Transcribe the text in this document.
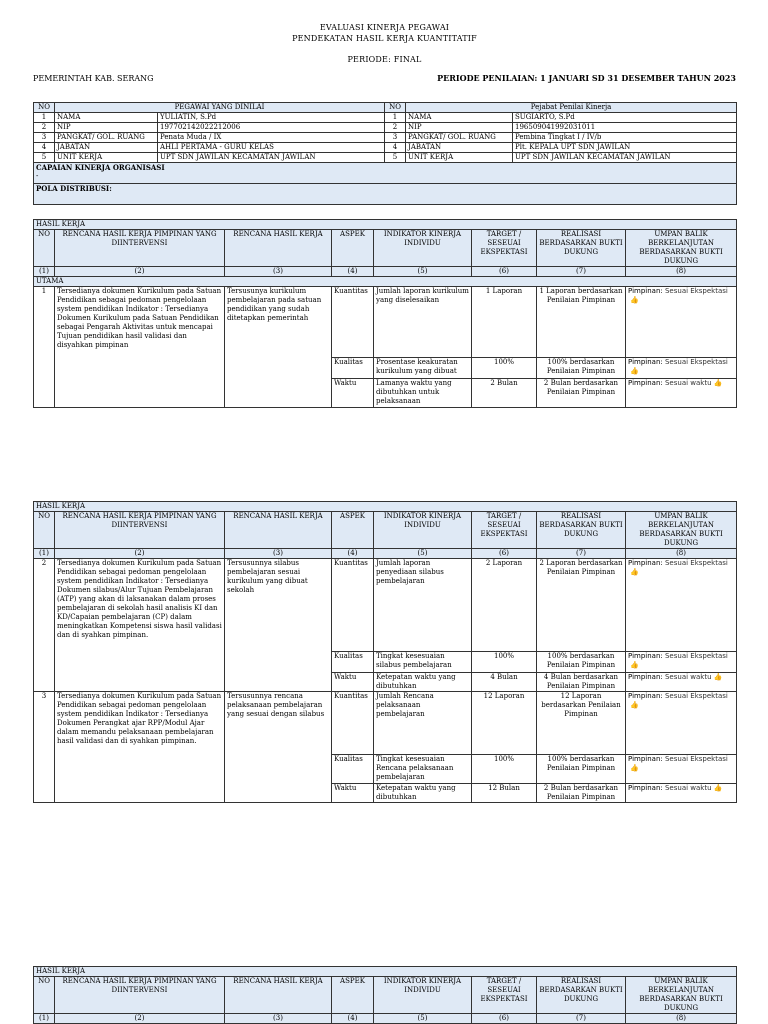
EVALUASI KINERJA PEGAWAI
PENDEKATAN HASIL KERJA KUANTITATIF
PERIODE: FINAL
PEMERINTAH KAB. SERANG	PERIODE PENILAIAN: 1 JANUARI SD 31 DESEMBER TAHUN 2023
NO	PEGAWAI YANG DINILAI		NO	Pejabat Penilai Kinerja	
1	NAMA	YULIATIN, S.Pd	1	NAMA	SUGIARTO, S.Pd
2	NIP	197702142022212006	2	NIP	196509041992031011
3	PANGKAT/ GOL. RUANG	Penata Muda / IX	3	PANGKAT/ GOL. RUANG	Pembina Tingkat I / IV/b
4	JABATAN	AHLI PERTAMA - GURU KELAS	4	JABATAN	Plt. KEPALA UPT SDN JAWILAN
5	UNIT KERJA	UPT SDN JAWILAN KECAMATAN JAWILAN	5	UNIT KERJA	UPT SDN JAWILAN KECAMATAN JAWILAN

CAPAIAN KINERJA ORGANISASI
-					

POLA DISTRIBUSI:					
HASIL KERJA							
NO	RENCANA HASIL KERJA PIMPINAN YANG DIINTERVENSI	RENCANA HASIL KERJA	ASPEK	INDIKATOR KINERJA INDIVIDU	TARGET / SESEUAI EKSPEKTASI	REALISASI BERDASARKAN BUKTI DUKUNG	UMPAN BALIK BERKELANJUTAN BERDASARKAN BUKTI DUKUNG
(1)	(2)	(3)	(4)	(5)	(6)	(7)	(8)
UTAMA							
1	Tersedianya dokumen Kurikulum pada Satuan Pendidikan sebagai pedoman pengelolaan system pendidikan Indikator : Tersedianya Dokumen Kurikulum pada Satuan Pendidikan sebagai Pengarah Aktivitas untuk mencapai Tujuan pendidikan hasil validasi dan disyahkan pimpinan	Tersusunya kurikulum pembelajaran pada satuan pendidikan yang sudah ditetapkan pemerintah	Kuantitas	Jumlah laporan kurikulum yang diselesaikan	1 Laporan	1 Laporan berdasarkan Penilaian Pimpinan	Pimpinan: Sesuai Ekspektasi👍
			Kualitas	Prosentase keakuratan kurikulum yang dibuat	100%	100% berdasarkan Penilaian Pimpinan	Pimpinan: Sesuai Ekspektasi👍
			Waktu	Lamanya waktu yang dibutuhkan untuk pelaksanaan	2 Bulan	2 Bulan berdasarkan Penilaian Pimpinan	Pimpinan: Sesuai waktu 👍
HASIL KERJA							
NO	RENCANA HASIL KERJA PIMPINAN YANG DIINTERVENSI	RENCANA HASIL KERJA	ASPEK	INDIKATOR KINERJA INDIVIDU	TARGET / SESEUAI EKSPEKTASI	REALISASI BERDASARKAN BUKTI DUKUNG	UMPAN BALIK BERKELANJUTAN BERDASARKAN BUKTI DUKUNG
(1)	(2)	(3)	(4)	(5)	(6)	(7)	(8)
2	Tersedianya dokumen Kurikulum pada Satuan Pendidikan sebagai pedoman pengelolaan system pendidikan Indikator : Tersedianya Dokumen silabus/Alur Tujuan Pembelajaran (ATP) yang akan di laksanakan dalam proses pembelajaran di sekolah hasil analisis KI dan KD/Capaian pembelajaran (CP) dalam meningkatkan Kompetensi siswa hasil validasi dan di syahkan pimpinan.	Tersusunnya silabus pembelajaran sesuai kurikulum yang dibuat sekolah	Kuantitas	Jumlah laporan penyediaan silabus pembelajaran	2 Laporan	2 Laporan berdasarkan Penilaian Pimpinan	Pimpinan: Sesuai Ekspektasi👍
			Kualitas	Tingkat kesesuaian silabus pembelajaran	100%	100% berdasarkan Penilaian Pimpinan	Pimpinan: Sesuai Ekspektasi👍
			Waktu	Ketepatan waktu yang dibutuhkan	4 Bulan	4 Bulan berdasarkan Penilaian Pimpinan	Pimpinan: Sesuai waktu 👍
3	Tersedianya dokumen Kurikulum pada Satuan Pendidikan sebagai pedoman pengelolaan system pendidikan Indikator : Tersedianya Dokumen Perangkat ajar RPP/Modul Ajar dalam memandu pelaksanaan pembelajaran hasil validasi dan di syahkan pimpinan.	Tersusunnya rencana pelaksanaan pembelajaran yang sesuai dengan silabus	Kuantitas	Jumlah Rencana pelaksanaan pembelajaran	12 Laporan	12 Laporan berdasarkan Penilaian Pimpinan	Pimpinan: Sesuai Ekspektasi👍
			Kualitas	Tingkat kesesuaian Rencana pelaksanaan pembelajaran	100%	100% berdasarkan Penilaian Pimpinan	Pimpinan: Sesuai Ekspektasi👍
			Waktu	Ketepatan waktu yang dibutuhkan	12 Bulan	2 Bulan berdasarkan Penilaian Pimpinan	Pimpinan: Sesuai waktu 👍
HASIL KERJA							
NO	RENCANA HASIL KERJA PIMPINAN YANG DIINTERVENSI	RENCANA HASIL KERJA	ASPEK	INDIKATOR KINERJA INDIVIDU	TARGET / SESEUAI EKSPEKTASI	REALISASI BERDASARKAN BUKTI DUKUNG	UMPAN BALIK BERKELANJUTAN BERDASARKAN BUKTI DUKUNG
(1)	(2)	(3)	(4)	(5)	(6)	(7)	(8)
